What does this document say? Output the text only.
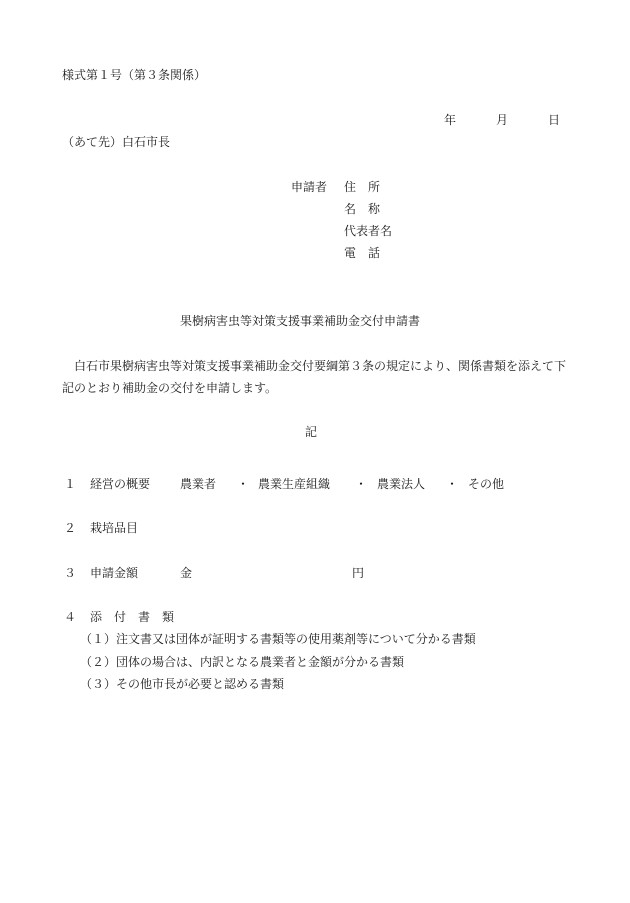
様式第１号（第３条関係）
年	月	日
（あて先）白石市長
申請者 住　所
名　称
代表者名
電　話
果樹病害虫等対策支援事業補助金交付申請書
　白石市果樹病害虫等対策支援事業補助金交付要綱第３条の規定により、関係書類を添えて下記のとおり補助金の交付を申請します。
記
１ 経営の概要 農業者 ・ 農業生産組織 ・ 農業法人 ・ その他
２ 栽培品目
３ 申請金額	金	円
４ 添　付　書　類
（１）注文書又は団体が証明する書類等の使用薬剤等について分かる書類
（２）団体の場合は、内訳となる農業者と金額が分かる書類
（３）その他市長が必要と認める書類
